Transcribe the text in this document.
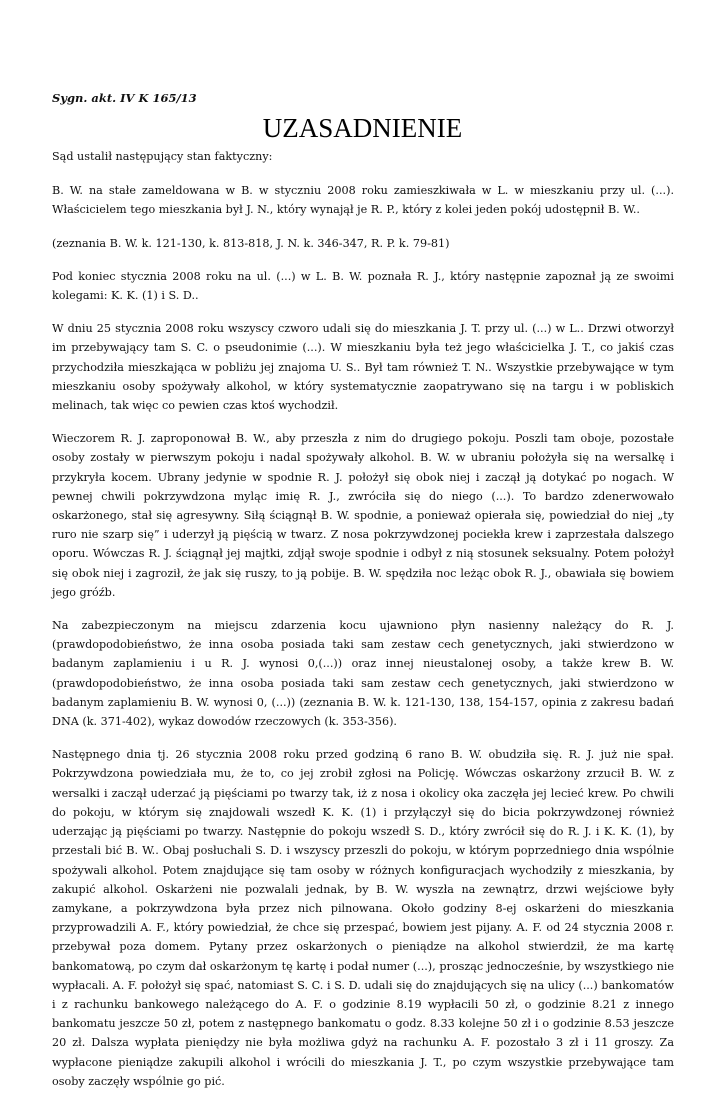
Sygn. akt. IV K 165/13
UZASADNIENIE

Sąd ustalił następujący stan faktyczny:

B. W. na stałe zameldowana w B. w styczniu 2008 roku zamieszkiwała w L. w mieszkaniu przy ul. (...). Właścicielem tego mieszkania był J. N., który wynajął je R. P., który z kolei jeden pokój udostępnił B. W..

(zeznania B. W. k. 121-130, k. 813-818, J. N. k. 346-347, R. P. k. 79-81)

Pod koniec stycznia 2008 roku na ul. (...) w L. B. W. poznała R. J., który następnie zapoznał ją ze swoimi kolegami: K. K. (1) i S. D..

W dniu 25 stycznia 2008 roku wszyscy czworo udali się do mieszkania J. T. przy ul. (...) w L.. Drzwi otworzył im przebywający tam S. C. o pseudonimie (...). W mieszkaniu była też jego właścicielka J. T., co jakiś czas przychodziła mieszkająca w pobliżu jej znajoma U. S.. Był tam również T. N.. Wszystkie przebywające w tym mieszkaniu osoby spożywały alkohol, w który systematycznie zaopatrywano się na targu i w pobliskich melinach, tak więc co pewien czas ktoś wychodził.

Wieczorem R. J. zaproponował B. W., aby przeszła z nim do drugiego pokoju. Poszli tam oboje, pozostałe osoby zostały w pierwszym pokoju i nadal spożywały alkohol. B. W. w ubraniu położyła się na wersalkę i przykryła kocem. Ubrany jedynie w spodnie R. J. położył się obok niej i zaczął ją dotykać po nogach. W pewnej chwili pokrzywdzona myląc imię R. J., zwróciła się do niego (...). To bardzo zdenerwowało oskarżonego, stał się agresywny. Siłą ściągnął B. W. spodnie, a ponieważ opierała się, powiedział do niej „ty ruro nie szarp się” i uderzył ją pięścią w twarz. Z nosa pokrzywdzonej pociekła krew i zaprzestała dalszego oporu. Wówczas R. J. ściągnął jej majtki, zdjął swoje spodnie i odbył z nią stosunek seksualny. Potem położył się obok niej i zagroził, że jak się ruszy, to ją pobije. B. W. spędziła noc leżąc obok R. J., obawiała się bowiem jego gróźb.

Na zabezpieczonym na miejscu zdarzenia kocu ujawniono płyn nasienny należący do R. J. (prawdopodobieństwo, że inna osoba posiada taki sam zestaw cech genetycznych, jaki stwierdzono w badanym zaplamieniu i u R. J. wynosi 0,(...)) oraz innej nieustalonej osoby, a także krew B. W. (prawdopodobieństwo, że inna osoba posiada taki sam zestaw cech genetycznych, jaki stwierdzono w badanym zaplamieniu B. W. wynosi 0, (...)) (zeznania B. W. k. 121-130, 138, 154-157, opinia z zakresu badań DNA (k. 371-402), wykaz dowodów rzeczowych (k. 353-356).

Następnego dnia tj. 26 stycznia 2008 roku przed godziną 6 rano B. W. obudziła się. R. J. już nie spał. Pokrzywdzona powiedziała mu, że to, co jej zrobił zgłosi na Policję. Wówczas oskarżony zrzucił B. W. z wersalki i zaczął uderzać ją pięściami po twarzy tak, iż z nosa i okolicy oka zaczęła jej lecieć krew. Po chwili do pokoju, w którym się znajdowali wszedł K. K. (1) i przyłączył się do bicia pokrzywdzonej również uderzając ją pięściami po twarzy. Następnie do pokoju wszedł S. D., który zwrócił się do R. J. i K. K. (1), by przestali bić B. W.. Obaj posłuchali S. D. i wszyscy przeszli do pokoju, w którym poprzedniego dnia wspólnie spożywali alkohol. Potem znajdujące się tam osoby w różnych konfiguracjach wychodziły z mieszkania, by zakupić alkohol. Oskarżeni nie pozwalali jednak, by B. W. wyszła na zewnątrz, drzwi wejściowe były zamykane, a pokrzywdzona była przez nich pilnowana. Około godziny 8-ej oskarżeni do mieszkania przyprowadzili A. F., który powiedział, że chce się przespać, bowiem jest pijany. A. F. od 24 stycznia 2008 r. przebywał poza domem. Pytany przez oskarżonych o pieniądze na alkohol stwierdził, że ma kartę bankomatową, po czym dał oskarżonym tę kartę i podał numer (...), prosząc jednocześnie, by wszystkiego nie wypłacali. A. F. położył się spać, natomiast S. C. i S. D. udali się do znajdujących się na ulicy (...) bankomatów i z rachunku bankowego należącego do A. F. o godzinie 8.19 wypłacili 50 zł, o godzinie 8.21 z innego bankomatu jeszcze 50 zł, potem z następnego bankomatu o godz. 8.33 kolejne 50 zł i o godzinie 8.53 jeszcze 20 zł. Dalsza wypłata pieniędzy nie była możliwa gdyż na rachunku A. F. pozostało 3 zł i 11 groszy. Za wypłacone pieniądze zakupili alkohol i wrócili do mieszkania J. T., po czym wszystkie przebywające tam osoby zaczęły wspólnie go pić.
